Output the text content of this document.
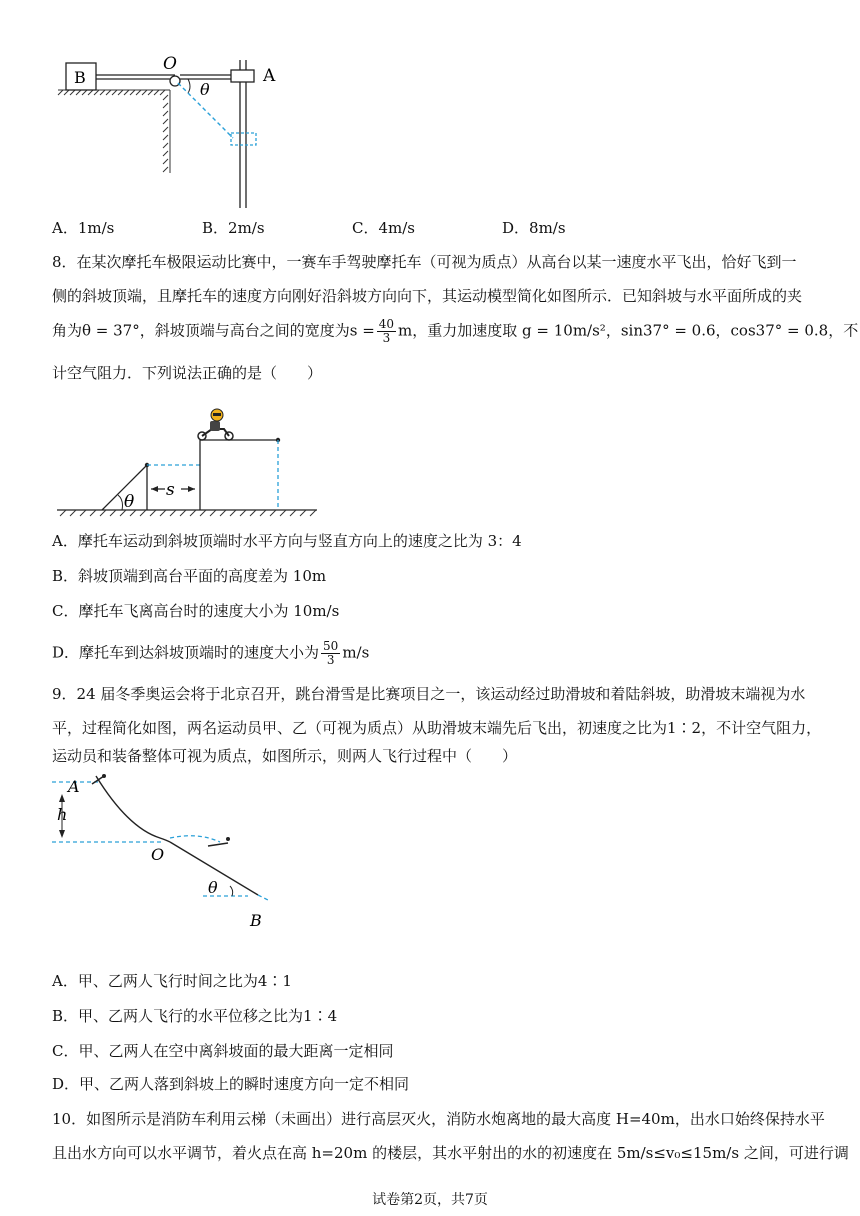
B
O
A
θ
A．1m/s	B．2m/s	C．4m/s	D．8m/s
8．在某次摩托车极限运动比赛中，一赛车手驾驶摩托车（可视为质点）从高台以某一速度水平飞出，恰好飞到一
侧的斜坡顶端，且摩托车的速度方向刚好沿斜坡方向向下，其运动模型简化如图所示．已知斜坡与水平面所成的夹
角为θ = 37°，斜坡顶端与高台之间的宽度为$s = \frac{40}{3}$ m，重力加速度取 g = 10m/s²，sin37° = 0.6，cos37° = 0.8，不
计空气阻力．下列说法正确的是（　　）
θ
s
A．摩托车运动到斜坡顶端时水平方向与竖直方向上的速度之比为 3：4
B．斜坡顶端到高台平面的高度差为 10m
C．摩托车飞离高台时的速度大小为 10m/s
D．摩托车到达斜坡顶端时的速度大小为 $\frac{50}{3} m/s$
9．24 届冬季奥运会将于北京召开，跳台滑雪是比赛项目之一，该运动经过助滑坡和着陆斜坡，助滑坡末端视为水
平，过程简化如图，两名运动员甲、乙（可视为质点）从助滑坡末端先后飞出，初速度之比为1∶2，不计空气阻力，
运动员和装备整体可视为质点，如图所示，则两人飞行过程中（　　）
A
h
O
θ
B
A．甲、乙两人飞行时间之比为4∶1
B．甲、乙两人飞行的水平位移之比为1∶4
C．甲、乙两人在空中离斜坡面的最大距离一定相同
D．甲、乙两人落到斜坡上的瞬时速度方向一定不相同
10．如图所示是消防车利用云梯（未画出）进行高层灭火，消防水炮离地的最大高度 H=40m，出水口始终保持水平
且出水方向可以水平调节，着火点在高 h=20m 的楼层，其水平射出的水的初速度在 5m/s≤v₀≤15m/s 之间，可进行调
试卷第2页，共7页
